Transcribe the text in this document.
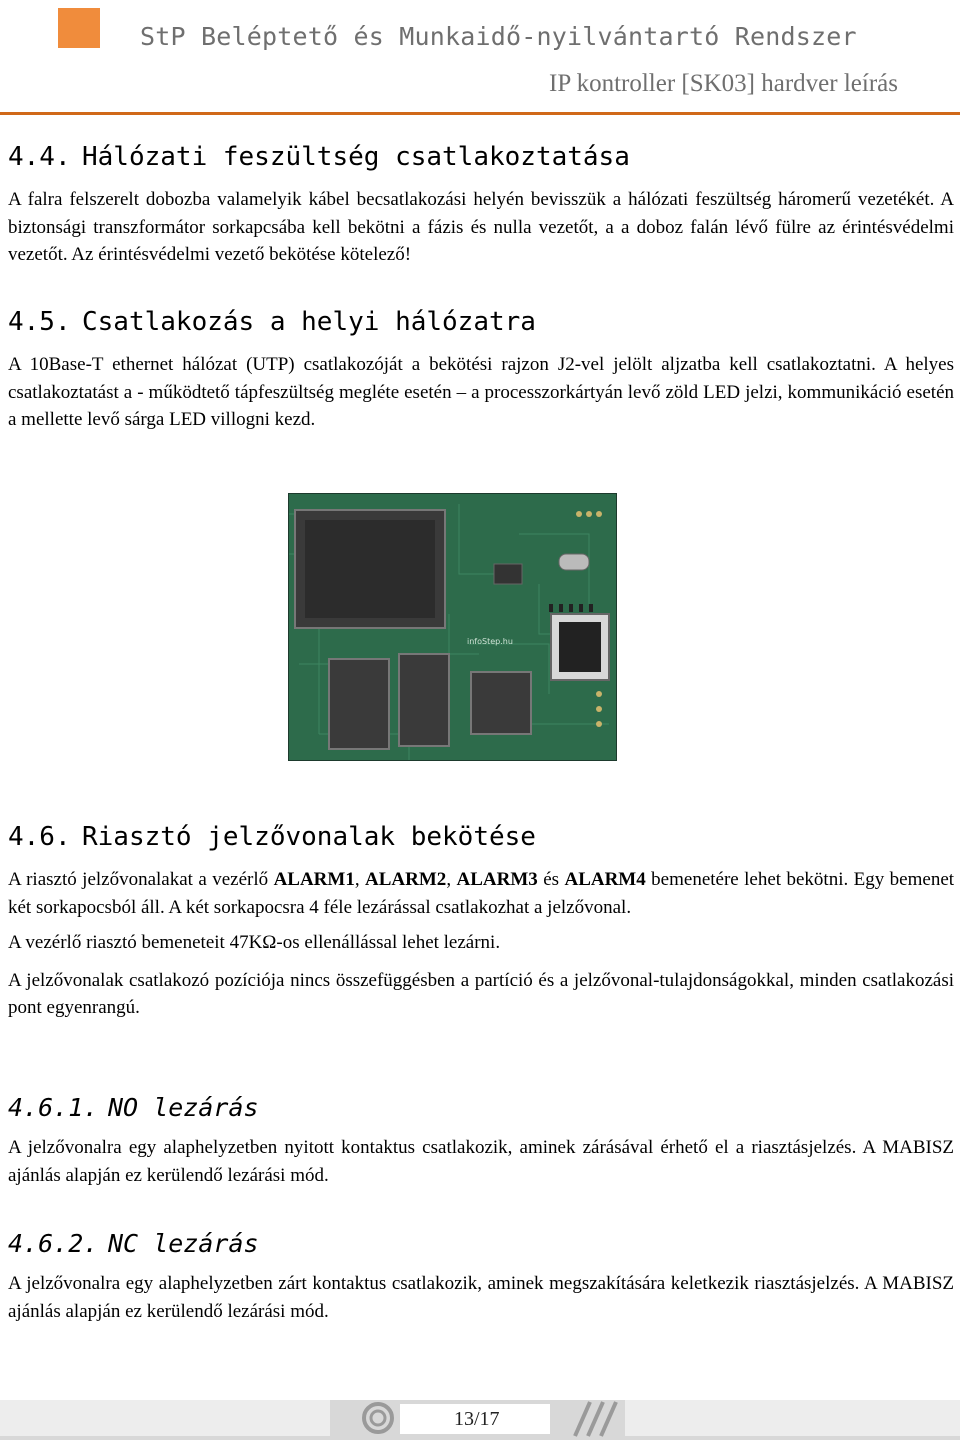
StP Beléptető és Munkaidő-nyilvántartó Rendszer
IP kontroller [SK03] hardver leírás
4.4. Hálózati feszültség csatlakoztatása

A falra felszerelt dobozba valamelyik kábel becsatlakozási helyén bevisszük a hálózati feszültség háromerű vezetékét. A biztonsági transzformátor sorkapcsába kell bekötni a fázis és nulla vezetőt, a a doboz falán lévő fülre az érintésvédelmi vezetőt. Az érintésvédelmi vezető bekötése kötelező!

4.5. Csatlakozás a helyi hálózatra

A 10Base-T ethernet hálózat (UTP) csatlakozóját a bekötési rajzon J2-vel jelölt aljzatba kell csatlakoztatni. A helyes csatlakoztatást a - működtető tápfeszültség megléte esetén – a processzorkártyán levő zöld LED jelzi, kommunikáció esetén a mellette levő sárga LED villogni kezd.

infoStep.hu
4.6. Riasztó jelzővonalak bekötése

A riasztó jelzővonalakat a vezérlő ALARM1, ALARM2, ALARM3 és ALARM4 bemenetére lehet bekötni. Egy bemenet két sorkapocsból áll. A két sorkapocsra 4 féle lezárással csatlakozhat a jelzővonal.

A vezérlő riasztó bemeneteit 47KΩ-os ellenállással lehet lezárni.

A jelzővonalak csatlakozó pozíciója nincs összefüggésben a partíció és a jelzővonal-tulajdonságokkal, minden csatlakozási pont egyenrangú.

4.6.1. NO lezárás

A jelzővonalra egy alaphelyzetben nyitott kontaktus csatlakozik, aminek zárásával érhető el a riasztásjelzés. A MABISZ ajánlás alapján ez kerülendő lezárási mód.

4.6.2. NC lezárás

A jelzővonalra egy alaphelyzetben zárt kontaktus csatlakozik, aminek megszakítására keletkezik riasztásjelzés. A MABISZ ajánlás alapján ez kerülendő lezárási mód.

13/17
